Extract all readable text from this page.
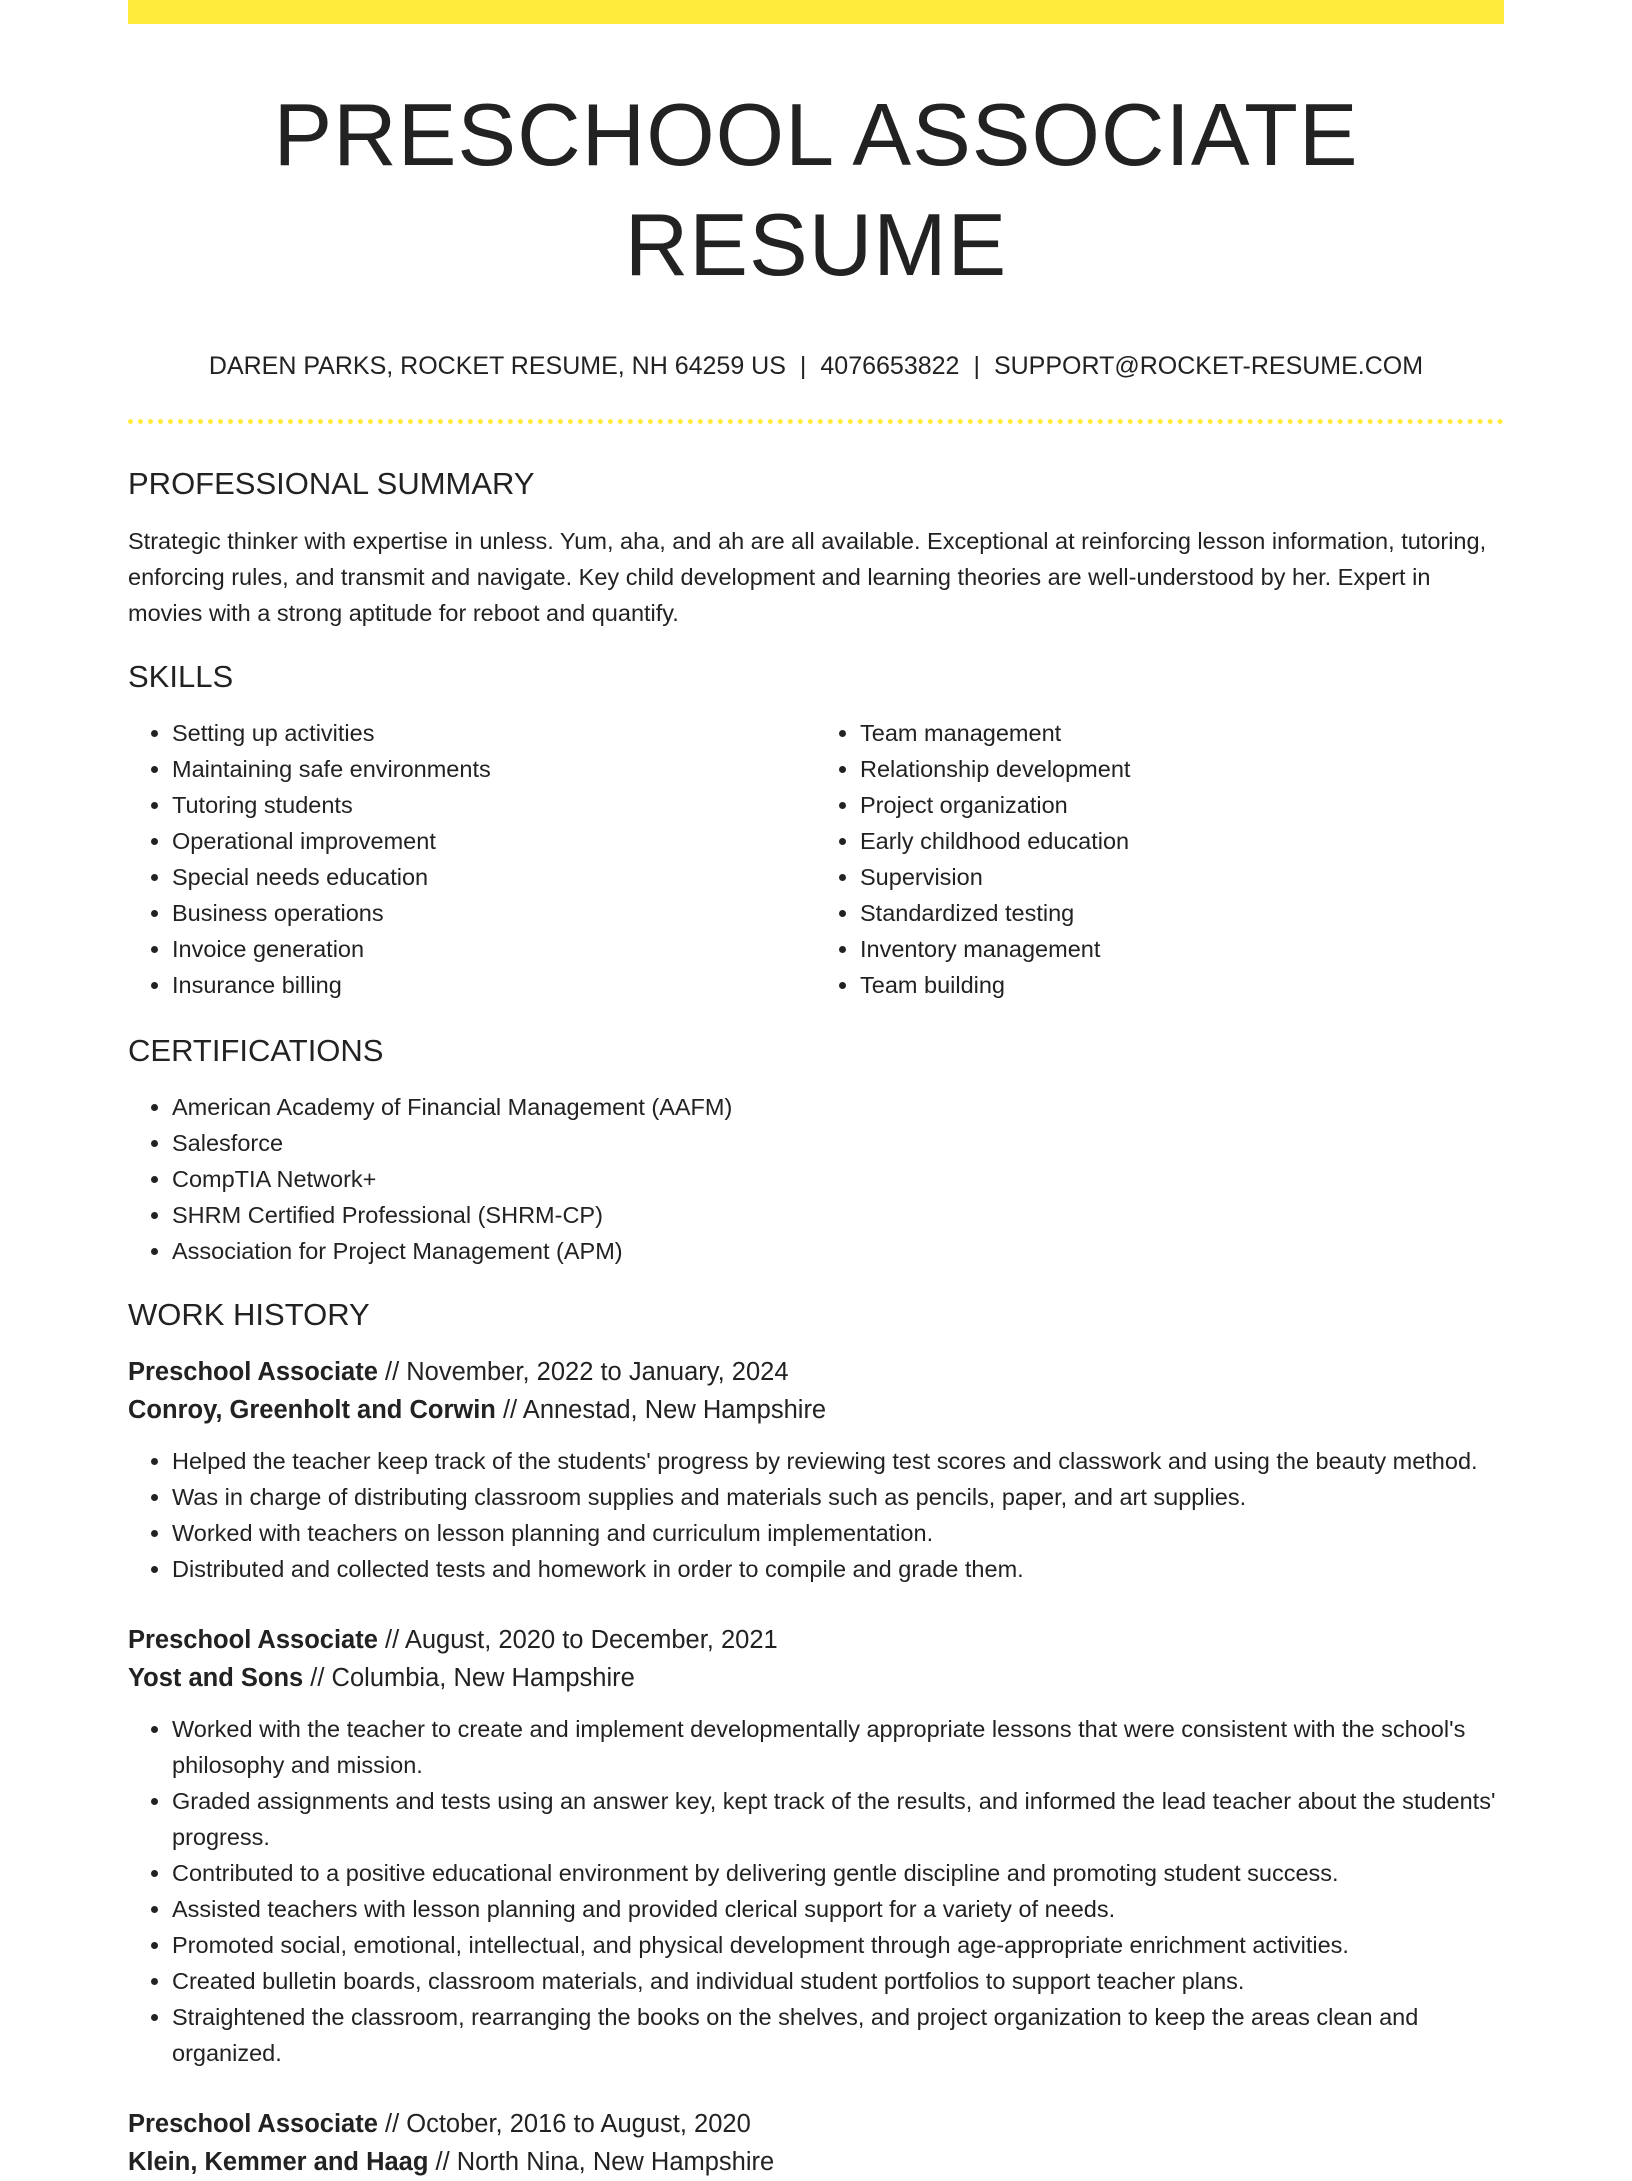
PRESCHOOL ASSOCIATE RESUME
DAREN PARKS, ROCKET RESUME, NH 64259 US | 4076653822 | SUPPORT@ROCKET-RESUME.COM
PROFESSIONAL SUMMARY
Strategic thinker with expertise in unless. Yum, aha, and ah are all available. Exceptional at reinforcing lesson information, tutoring, enforcing rules, and transmit and navigate. Key child development and learning theories are well-understood by her. Expert in movies with a strong aptitude for reboot and quantify.
SKILLS
• Setting up activities
• Maintaining safe environments
• Tutoring students
• Operational improvement
• Special needs education
• Business operations
• Invoice generation
• Insurance billing
• Team management
• Relationship development
• Project organization
• Early childhood education
• Supervision
• Standardized testing
• Inventory management
• Team building
CERTIFICATIONS
• American Academy of Financial Management (AAFM)
• Salesforce
• CompTIA Network+
• SHRM Certified Professional (SHRM-CP)
• Association for Project Management (APM)
WORK HISTORY
Preschool Associate // November, 2022 to January, 2024
Conroy, Greenholt and Corwin // Annestad, New Hampshire
• Helped the teacher keep track of the students' progress by reviewing test scores and classwork and using the beauty method.
• Was in charge of distributing classroom supplies and materials such as pencils, paper, and art supplies.
• Worked with teachers on lesson planning and curriculum implementation.
• Distributed and collected tests and homework in order to compile and grade them.
Preschool Associate // August, 2020 to December, 2021
Yost and Sons // Columbia, New Hampshire
• Worked with the teacher to create and implement developmentally appropriate lessons that were consistent with the school's philosophy and mission.
• Graded assignments and tests using an answer key, kept track of the results, and informed the lead teacher about the students' progress.
• Contributed to a positive educational environment by delivering gentle discipline and promoting student success.
• Assisted teachers with lesson planning and provided clerical support for a variety of needs.
• Promoted social, emotional, intellectual, and physical development through age-appropriate enrichment activities.
• Created bulletin boards, classroom materials, and individual student portfolios to support teacher plans.
• Straightened the classroom, rearranging the books on the shelves, and project organization to keep the areas clean and organized.
Preschool Associate // October, 2016 to August, 2020
Klein, Kemmer and Haag // North Nina, New Hampshire
